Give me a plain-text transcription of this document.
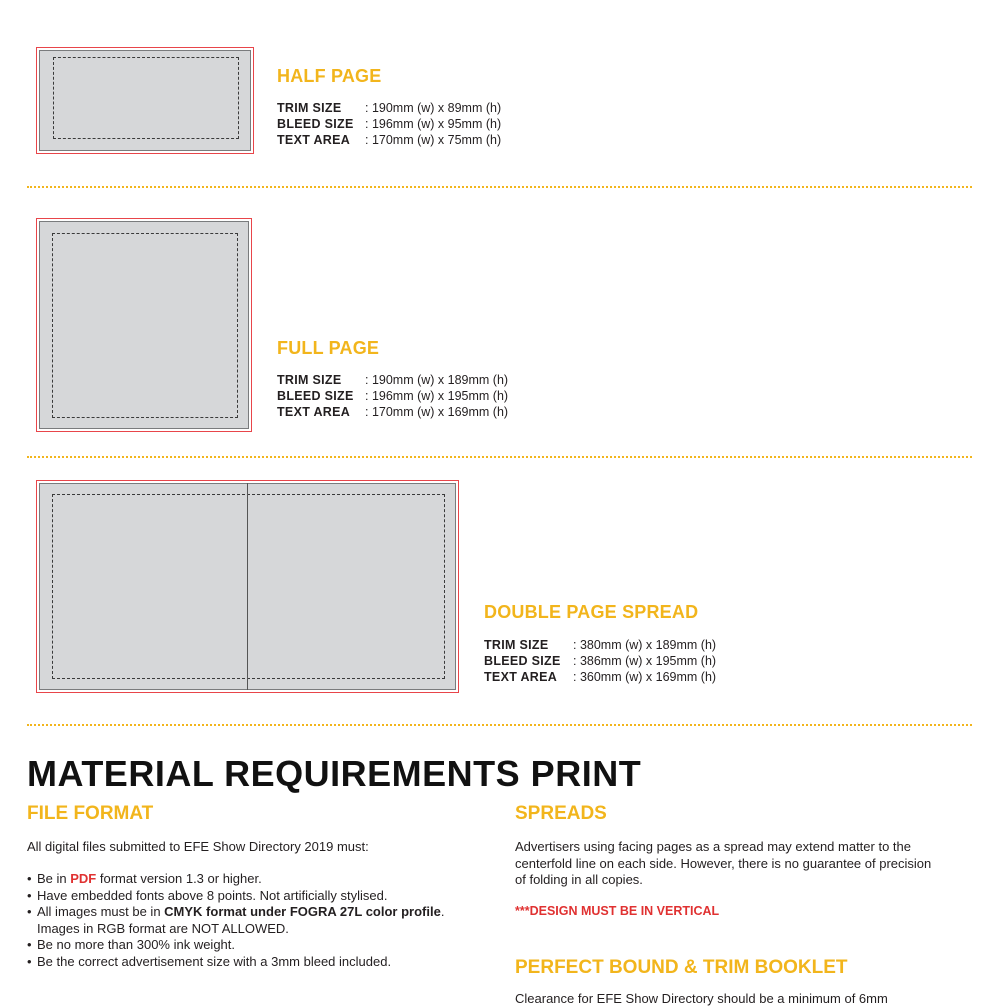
HALF PAGE
TRIM SIZE : 190mm (w) x 89mm (h)
BLEED SIZE : 196mm (w) x 95mm (h)
TEXT AREA : 170mm (w) x 75mm (h)
FULL PAGE
TRIM SIZE : 190mm (w) x 189mm (h)
BLEED SIZE : 196mm (w) x 195mm (h)
TEXT AREA : 170mm (w) x 169mm (h)
DOUBLE PAGE SPREAD
TRIM SIZE : 380mm (w) x 189mm (h)
BLEED SIZE : 386mm (w) x 195mm (h)
TEXT AREA : 360mm (w) x 169mm (h)
MATERIAL REQUIREMENTS PRINT
FILE FORMAT
All digital files submitted to EFE Show Directory 2019 must:
• Be in PDF format version 1.3 or higher.
• Have embedded fonts above 8 points. Not artificially stylised.
• All images must be in CMYK format under FOGRA 27L color profile.
Images in RGB format are NOT ALLOWED.
• Be no more than 300% ink weight.
• Be the correct advertisement size with a 3mm bleed included.
SPREADS
Advertisers using facing pages as a spread may extend matter to the centerfold line on each side. However, there is no guarantee of precision of folding in all copies.
***DESIGN MUST BE IN VERTICAL
PERFECT BOUND & TRIM BOOKLET
Clearance for EFE Show Directory should be a minimum of 6mm
